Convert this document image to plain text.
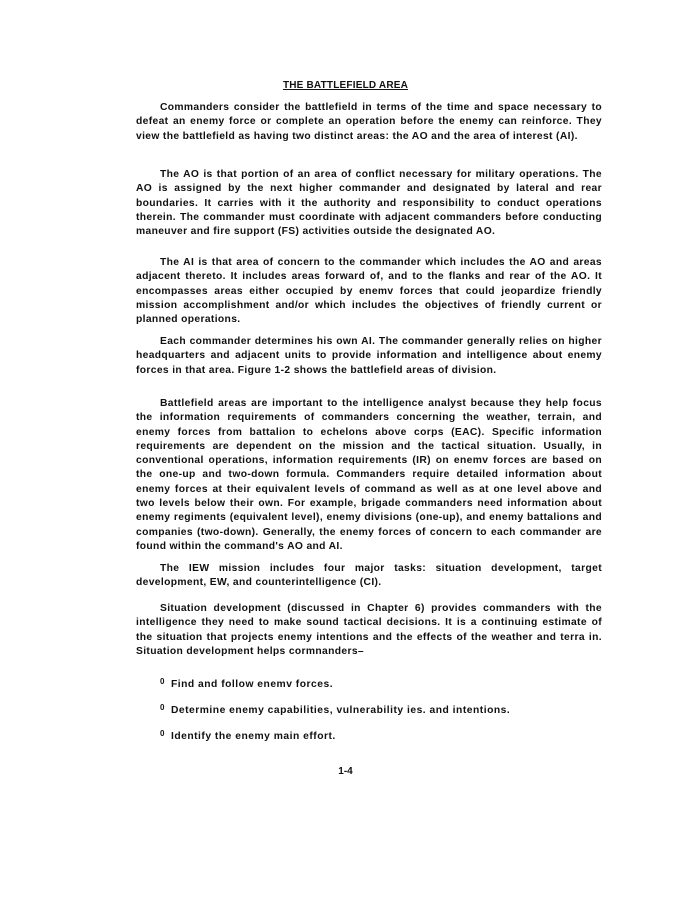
THE BATTLEFIELD AREA
Commanders consider the battlefield in terms of the time and space necessary to defeat an enemy force or complete an operation before the enemy can reinforce. They view the battlefield as having two distinct areas: the AO and the area of interest (AI).
The AO is that portion of an area of conflict necessary for military operations. The AO is assigned by the next higher commander and designated by lateral and rear boundaries. It carries with it the authority and responsibility to conduct operations therein. The commander must coordinate with adjacent commanders before conducting maneuver and fire support (FS) activities outside the designated AO.
The AI is that area of concern to the commander which includes the AO and areas adjacent thereto. It includes areas forward of, and to the flanks and rear of the AO. It encompasses areas either occupied by enemv forces that could jeopardize friendly mission accomplishment and/or which includes the objectives of friendly current or planned operations.
Each commander determines his own AI. The commander generally relies on higher headquarters and adjacent units to provide information and intelligence about enemy forces in that area. Figure 1-2 shows the battlefield areas of division.
Battlefield areas are important to the intelligence analyst because they help focus the information requirements of commanders concerning the weather, terrain, and enemy forces from battalion to echelons above corps (EAC). Specific information requirements are dependent on the mission and the tactical situation. Usually, in conventional operations, information requirements (IR) on enemv forces are based on the one-up and two-down formula. Commanders require detailed information about enemy forces at their equivalent levels of command as well as at one level above and two levels below their own. For example, brigade commanders need information about enemy regiments (equivalent level), enemy divisions (one-up), and enemy battalions and companies (two-down). Generally, the enemy forces of concern to each commander are found within the command's AO and AI.
The IEW mission includes four major tasks: situation development, target development, EW, and counterintelligence (CI).
Situation development (discussed in Chapter 6) provides commanders with the intelligence they need to make sound tactical decisions. It is a continuing estimate of the situation that projects enemy intentions and the effects of the weather and terra in. Situation development helps cormnanders–
$^0$ Find and follow enemv forces.
$^0$ Determine enemy capabilities, vulnerability ies. and intentions.
$^0$ Identify the enemy main effort.
1-4
